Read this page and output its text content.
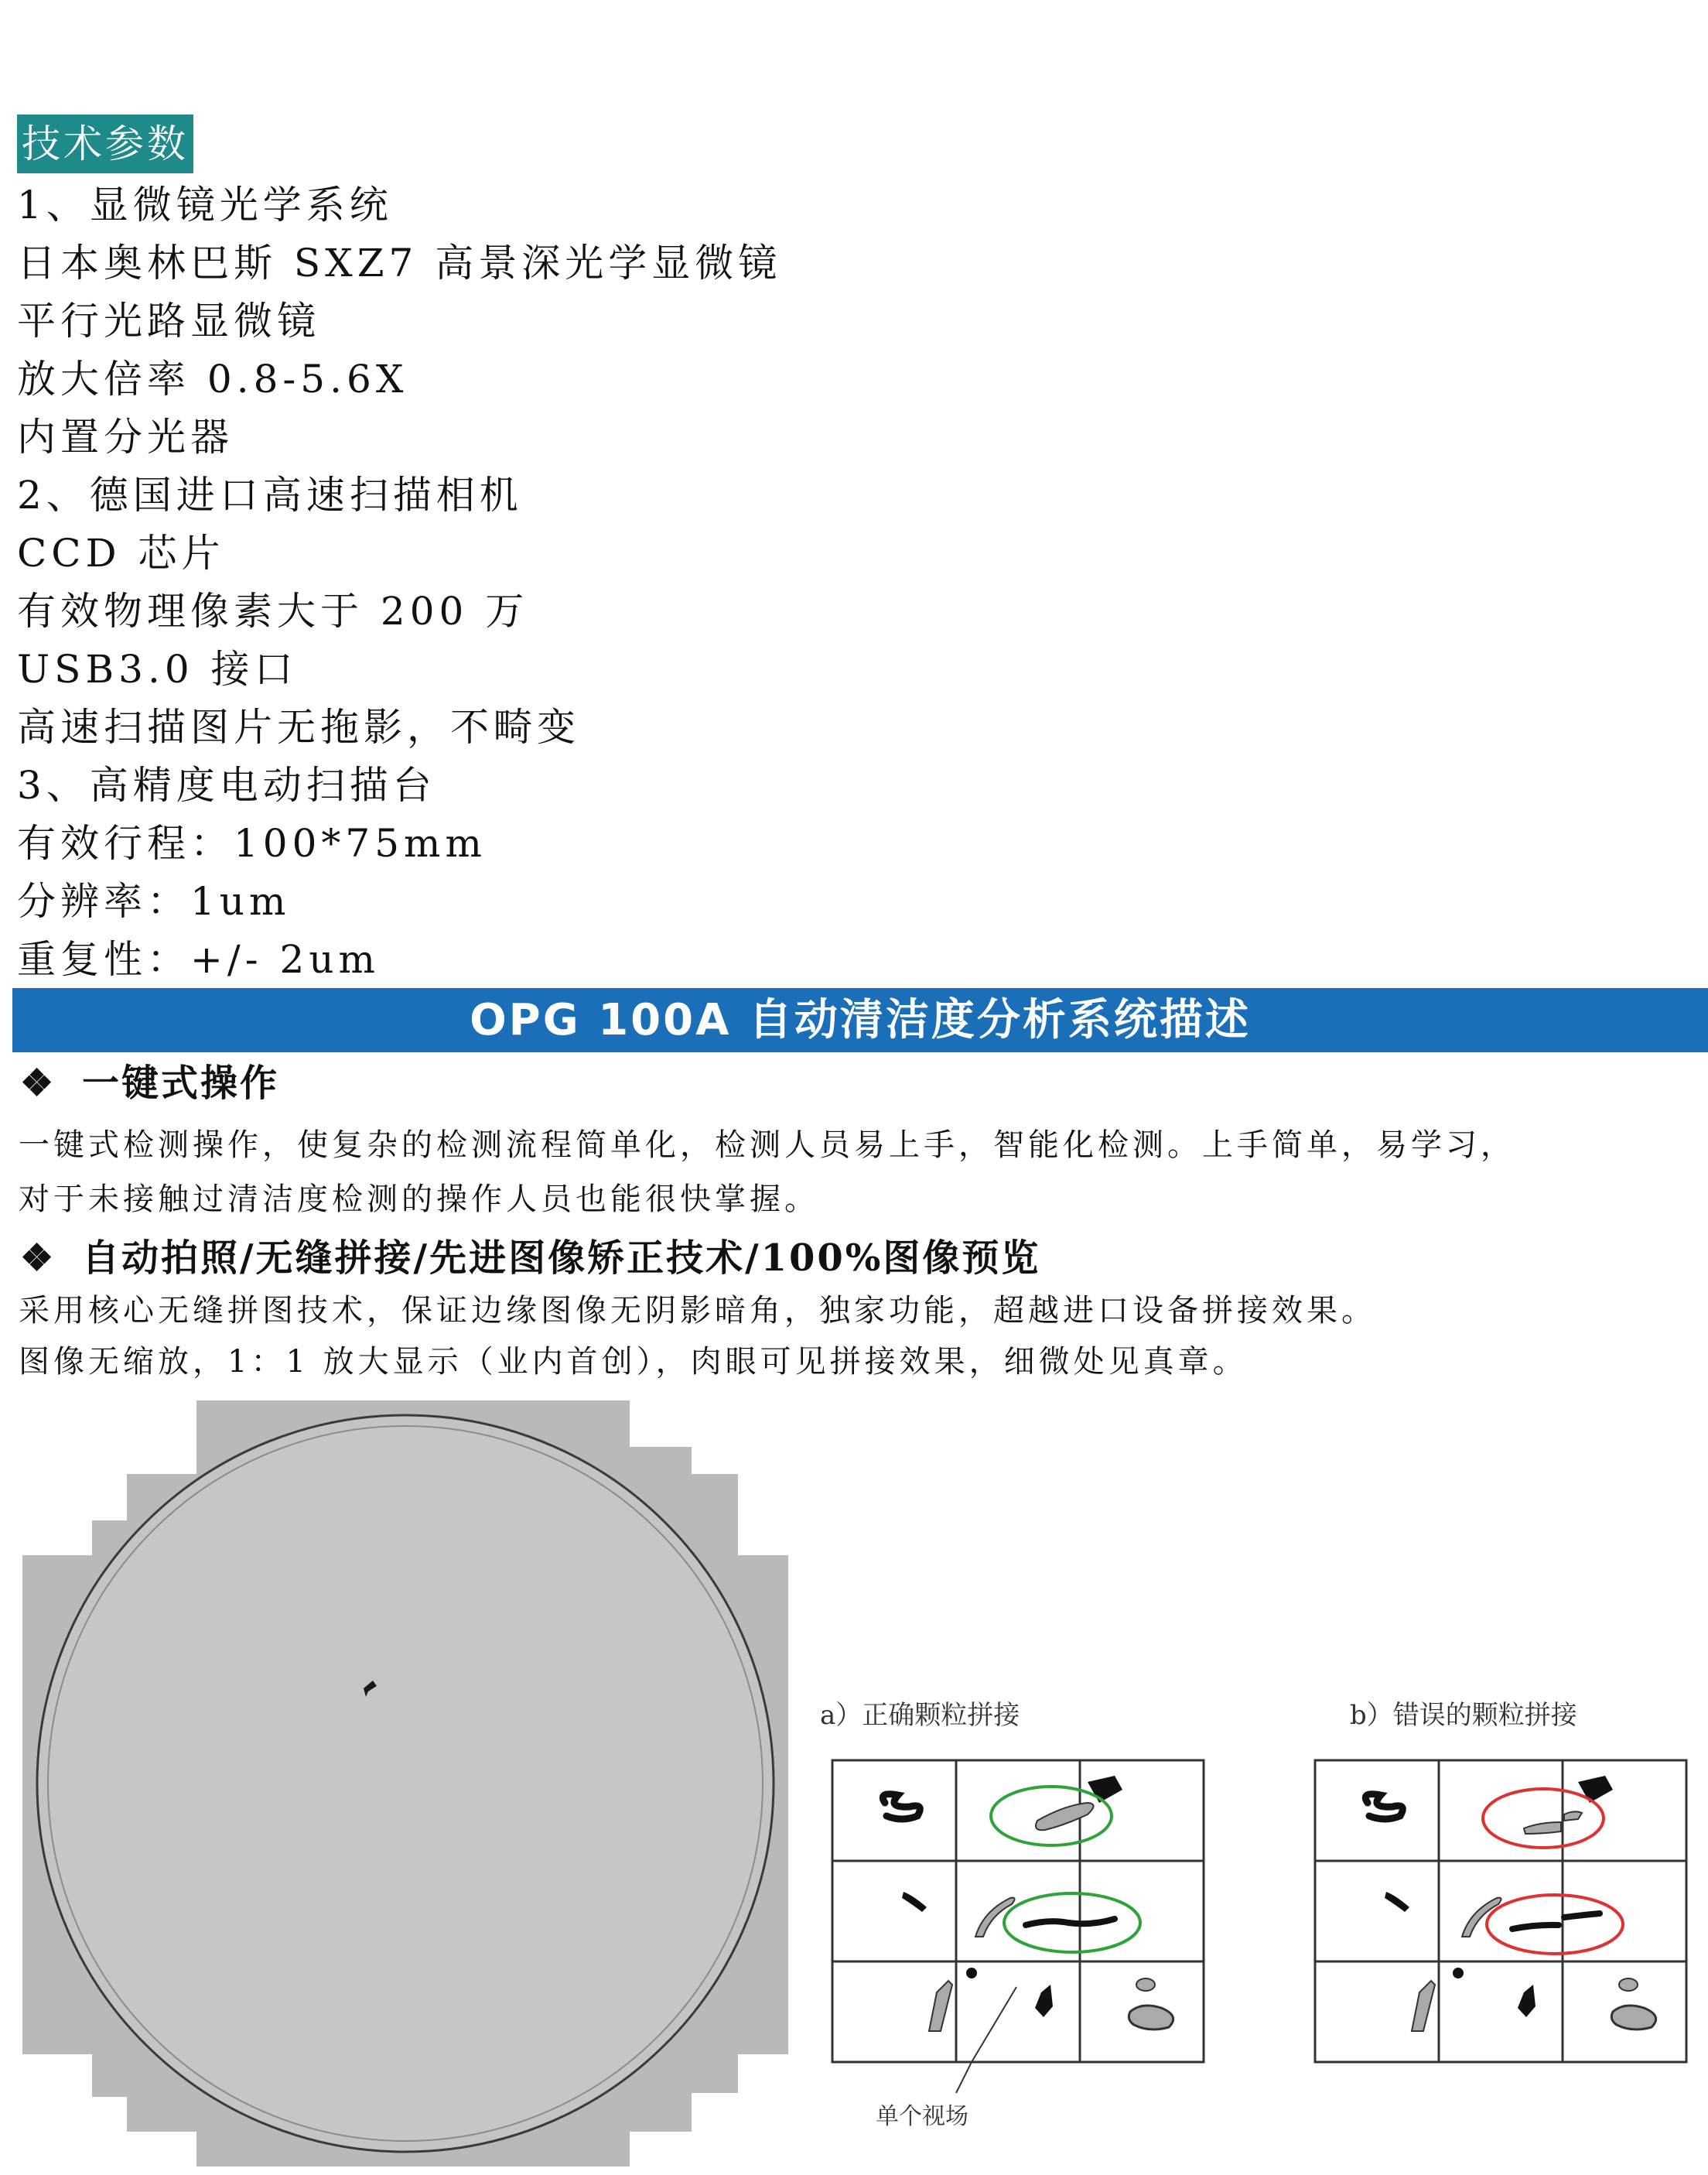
技术参数
1、显微镜光学系统
日本奥林巴斯 SXZ7 高景深光学显微镜
平行光路显微镜
放大倍率 0.8-5.6X
内置分光器
2、德国进口高速扫描相机
CCD 芯片
有效物理像素大于 200 万
USB3.0 接口
高速扫描图片无拖影，不畸变
3、高精度电动扫描台
有效行程：100*75mm
分辨率：1um
重复性：+/- 2um
OPG 100A 自动清洁度分析系统描述
❖ 一键式操作
一键式检测操作，使复杂的检测流程简单化，检测人员易上手，智能化检测。上手简单，易学习，
对于未接触过清洁度检测的操作人员也能很快掌握。
❖ 自动拍照/无缝拼接/先进图像矫正技术/100%图像预览
采用核心无缝拼图技术，保证边缘图像无阴影暗角，独家功能，超越进口设备拼接效果。
图像无缩放，1：1 放大显示（业内首创），肉眼可见拼接效果，细微处见真章。
a）正确颗粒拼接	b）错误的颗粒拼接
单个视场
